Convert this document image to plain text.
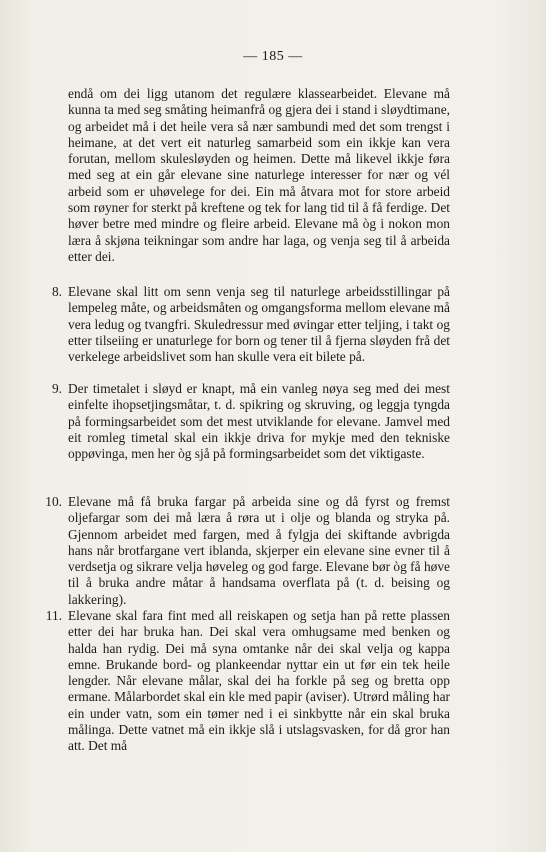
— 185 —
endå om dei ligg utanom det regulære klassearbeidet. Elevane må kunna ta med seg småting heimanfrå og gjera dei i stand i sløydtimane, og arbeidet må i det heile vera så nær sambundi med det som trengst i heimane, at det vert eit naturleg samarbeid som ein ikkje kan vera forutan, mellom skulesløyden og heimen. Dette må likevel ikkje føra med seg at ein går elevane sine naturlege interesser for nær og vél arbeid som er uhøvelege for dei. Ein må åtvara mot for store arbeid som røyner for sterkt på kreftene og tek for lang tid til å få ferdige. Det høver betre med mindre og fleire arbeid. Elevane må òg i nokon mon læra å skjøna teikningar som andre har laga, og venja seg til å arbeida etter dei.
8. Elevane skal litt om senn venja seg til naturlege arbeidsstillingar på lempeleg måte, og arbeidsmåten og omgangsforma mellom elevane må vera ledug og tvangfri. Skuledressur med øvingar etter teljing, i takt og etter tilseiing er unaturlege for born og tener til å fjerna sløyden frå det verkelege arbeidslivet som han skulle vera eit bilete på.
9. Der timetalet i sløyd er knapt, må ein vanleg nøya seg med dei mest einfelte ihopsetjingsmåtar, t. d. spikring og skruving, og leggja tyngda på formingsarbeidet som det mest utviklande for elevane. Jamvel med eit romleg timetal skal ein ikkje driva for mykje med den tekniske oppøvinga, men her òg sjå på formingsarbeidet som det viktigaste.
10. Elevane må få bruka fargar på arbeida sine og då fyrst og fremst oljefargar som dei må læra å røra ut i olje og blanda og stryka på. Gjennom arbeidet med fargen, med å fylgja dei skiftande avbrigda hans når brotfargane vert iblanda, skjerper ein elevane sine evner til å verdsetja og sikrare velja høveleg og god farge. Elevane bør òg få høve til å bruka andre måtar å handsama overflata på (t. d. beising og lakkering).
11. Elevane skal fara fint med all reiskapen og setja han på rette plassen etter dei har bruka han. Dei skal vera omhugsame med benken og halda han rydig. Dei må syna omtanke når dei skal velja og kappa emne. Brukande bord- og plankeendar nyttar ein ut før ein tek heile lengder. Når elevane målar, skal dei ha forkle på seg og bretta opp ermane. Målarbordet skal ein kle med papir (aviser). Utrørd måling har ein under vatn, som ein tømer ned i ei sinkbytte når ein skal bruka målinga. Dette vatnet må ein ikkje slå i utslagsvasken, for då gror han att. Det må
